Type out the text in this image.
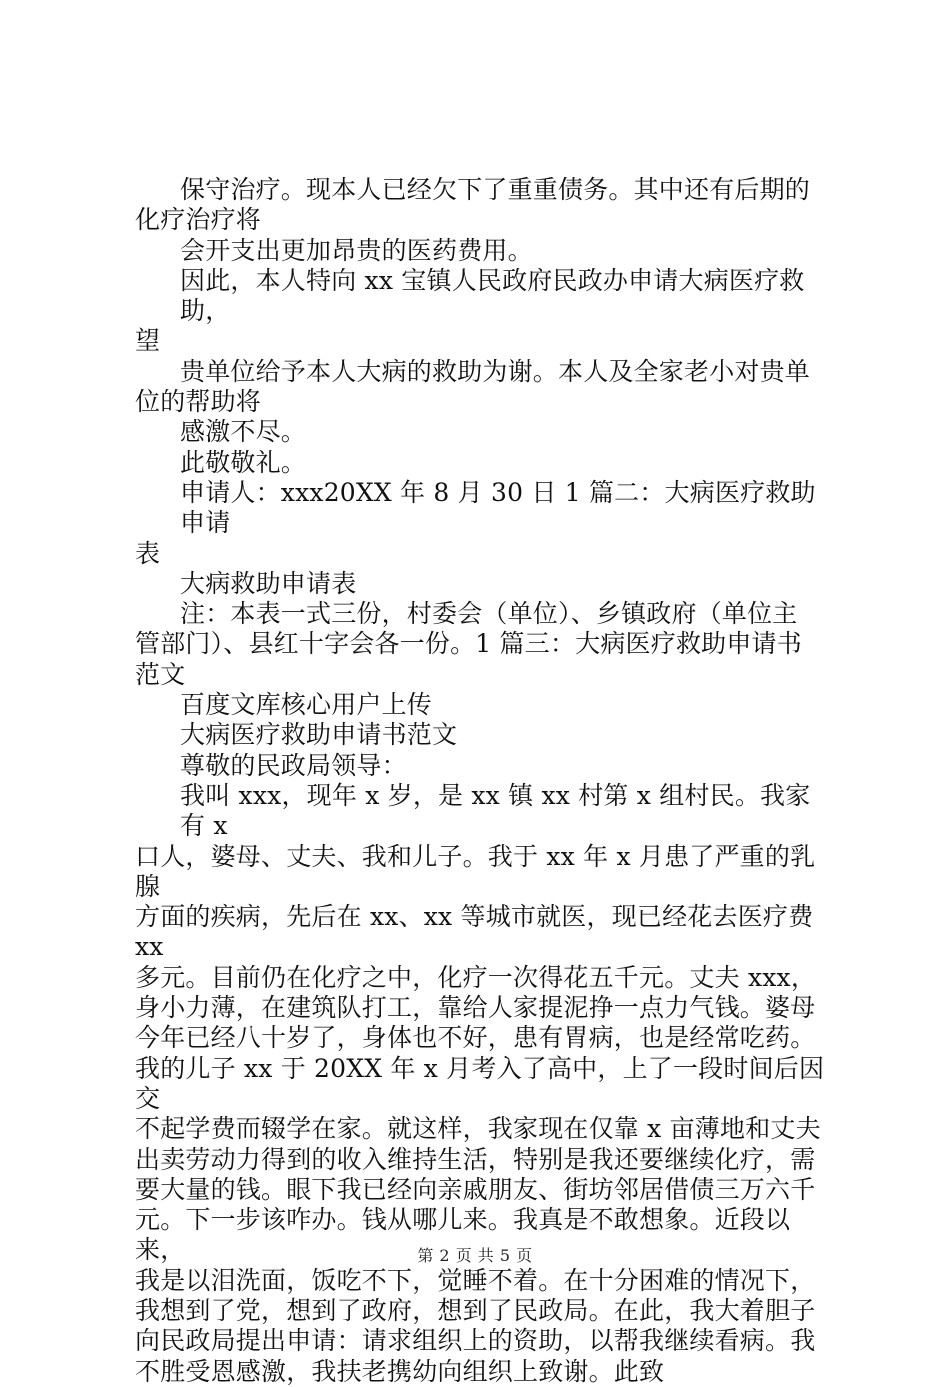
保守治疗。现本人已经欠下了重重债务。其中还有后期的

化疗治疗将

会开支出更加昂贵的医药费用。

因此，本人特向 xx 宝镇人民政府民政办申请大病医疗救助，

望

贵单位给予本人大病的救助为谢。本人及全家老小对贵单

位的帮助将

感激不尽。

此敬敬礼。

申请人：xxx20XX 年 8 月 30 日 1 篇二：大病医疗救助申请

表

大病救助申请表

注：本表一式三份，村委会（单位）、乡镇政府（单位主

管部门）、县红十字会各一份。1 篇三：大病医疗救助申请书

范文

百度文库核心用户上传

大病医疗救助申请书范文

尊敬的民政局领导：

我叫 xxx，现年 x 岁，是 xx 镇 xx 村第 x 组村民。我家有 x

口人，婆母、丈夫、我和儿子。我于 xx 年 x 月患了严重的乳腺

方面的疾病，先后在 xx、xx 等城市就医，现已经花去医疗费 xx

多元。目前仍在化疗之中，化疗一次得花五千元。丈夫 xxx，

身小力薄，在建筑队打工，靠给人家提泥挣一点力气钱。婆母

今年已经八十岁了，身体也不好，患有胃病，也是经常吃药。

我的儿子 xx 于 20XX 年 x 月考入了高中，上了一段时间后因交

不起学费而辍学在家。就这样，我家现在仅靠 x 亩薄地和丈夫

出卖劳动力得到的收入维持生活，特别是我还要继续化疗，需

要大量的钱。眼下我已经向亲戚朋友、街坊邻居借债三万六千

元。下一步该咋办。钱从哪儿来。我真是不敢想象。近段以来，

我是以泪洗面，饭吃不下，觉睡不着。在十分困难的情况下，

我想到了党，想到了政府，想到了民政局。在此，我大着胆子

向民政局提出申请：请求组织上的资助，以帮我继续看病。我

不胜受恩感激，我扶老携幼向组织上致谢。此致

第 2 页 共 5 页
